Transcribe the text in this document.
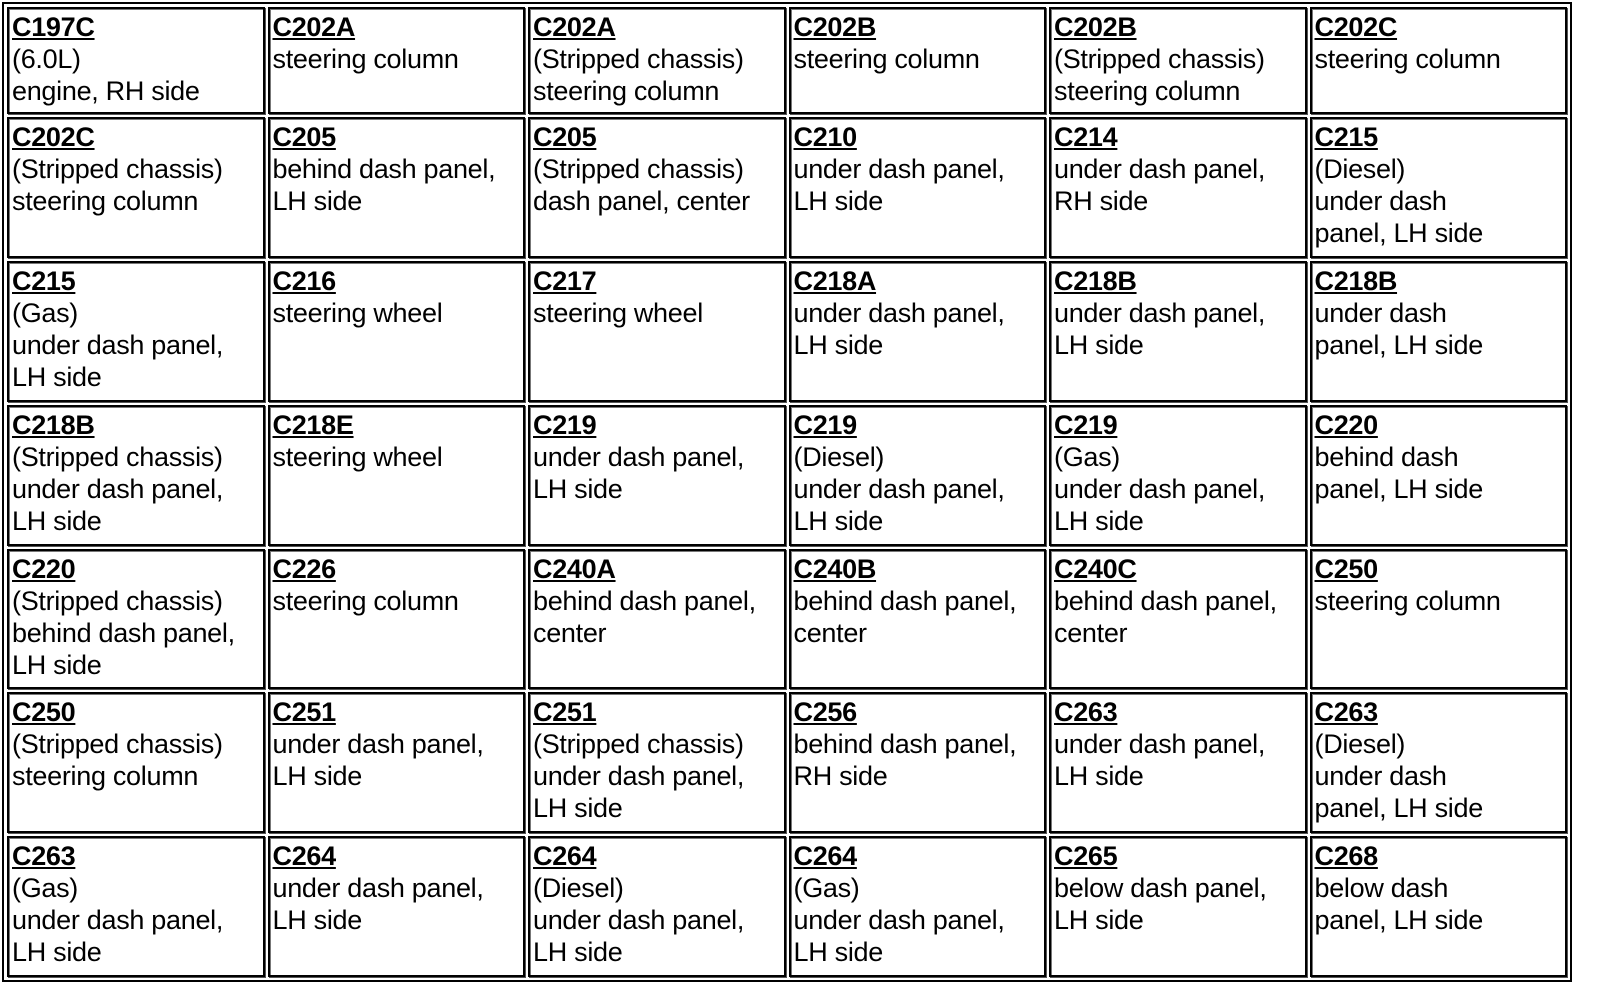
C197C
(6.0L)
engine, RH side	C202A
steering column	C202A
(Stripped chassis)
steering column	C202B
steering column	C202B
(Stripped chassis)
steering column	C202C
steering column

C202C
(Stripped chassis)
steering column	C205
behind dash panel,
LH side	C205
(Stripped chassis)
dash panel, center	C210
under dash panel,
LH side	C214
under dash panel,
RH side	C215
(Diesel)
under dash
panel, LH side

C215
(Gas)
under dash panel,
LH side	C216
steering wheel	C217
steering wheel	C218A
under dash panel,
LH side	C218B
under dash panel,
LH side	C218B
under dash
panel, LH side

C218B
(Stripped chassis)
under dash panel,
LH side	C218E
steering wheel	C219
under dash panel,
LH side	C219
(Diesel)
under dash panel,
LH side	C219
(Gas)
under dash panel,
LH side	C220
behind dash
panel, LH side

C220
(Stripped chassis)
behind dash panel,
LH side	C226
steering column	C240A
behind dash panel,
center	C240B
behind dash panel,
center	C240C
behind dash panel,
center	C250
steering column

C250
(Stripped chassis)
steering column	C251
under dash panel,
LH side	C251
(Stripped chassis)
under dash panel,
LH side	C256
behind dash panel,
RH side	C263
under dash panel,
LH side	C263
(Diesel)
under dash
panel, LH side

C263
(Gas)
under dash panel,
LH side	C264
under dash panel,
LH side	C264
(Diesel)
under dash panel,
LH side	C264
(Gas)
under dash panel,
LH side	C265
below dash panel,
LH side	C268
below dash
panel, LH side
